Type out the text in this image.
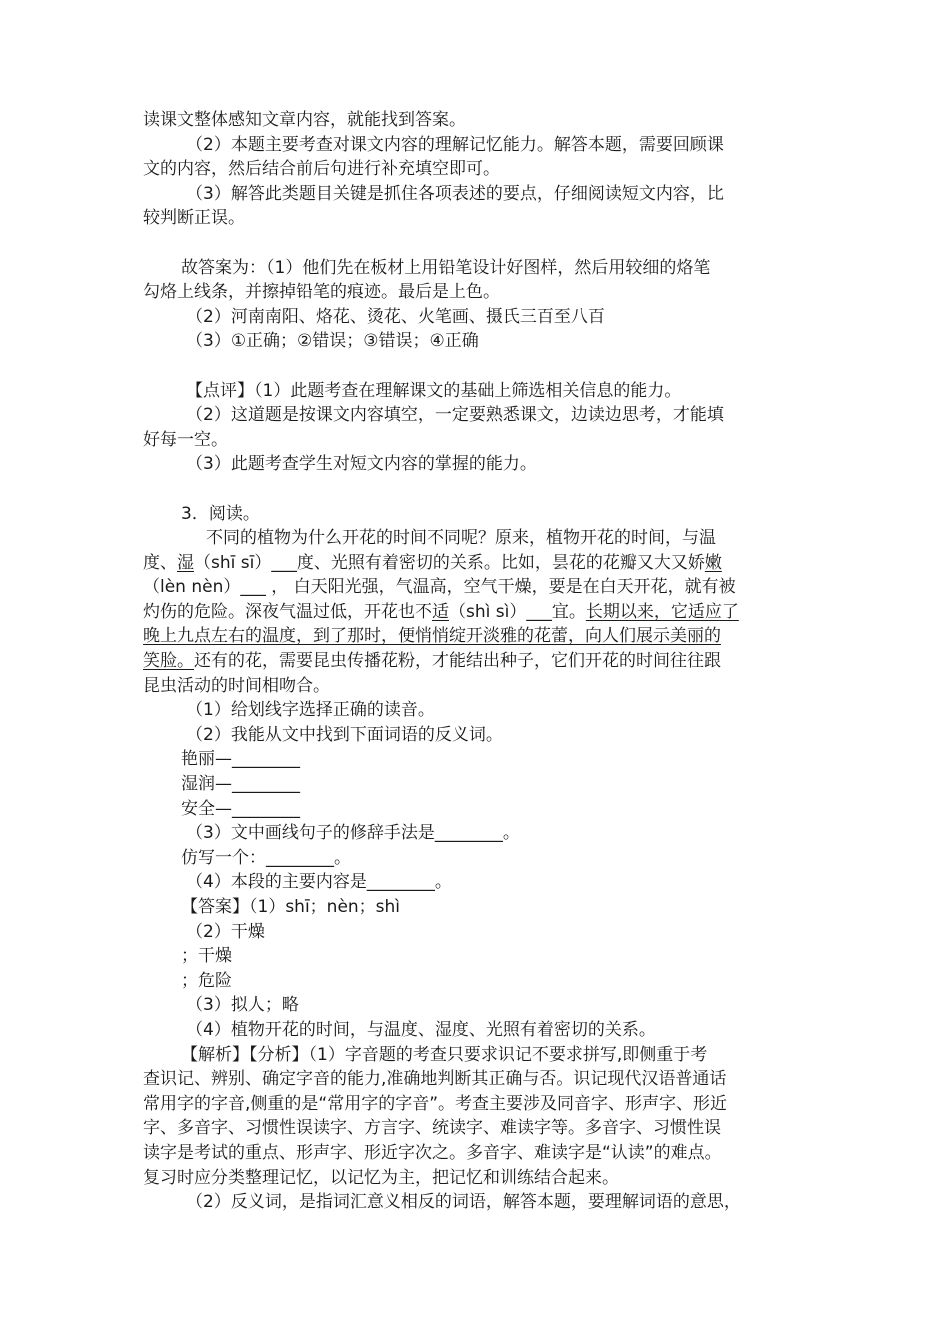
读课文整体感知文章内容，就能找到答案。
（2）本题主要考查对课文内容的理解记忆能力。解答本题，需要回顾课
文的内容，然后结合前后句进行补充填空即可。
（3）解答此类题目关键是抓住各项表述的要点，仔细阅读短文内容，比
较判断正误。
故答案为：（1）他们先在板材上用铅笔设计好图样，然后用较细的烙笔
勾烙上线条，并擦掉铅笔的痕迹。最后是上色。
（2）河南南阳、烙花、烫花、火笔画、摄氏三百至八百
（3）①正确；②错误；③错误；④正确
【点评】（1）此题考查在理解课文的基础上筛选相关信息的能力。
（2）这道题是按课文内容填空，一定要熟悉课文，边读边思考，才能填
好每一空。
（3）此题考查学生对短文内容的掌握的能力。
3．阅读。
不同的植物为什么开花的时间不同呢？原来，植物开花的时间，与温
度、湿（shī sī）___度、光照有着密切的关系。比如，昙花的花瓣又大又娇嫩
（lèn nèn）___ ， 白天阳光强，气温高，空气干燥，要是在白天开花，就有被
灼伤的危险。深夜气温过低，开花也不适（shì sì）___宜。长期以来，它适应了
晚上九点左右的温度，到了那时，便悄悄绽开淡雅的花蕾，向人们展示美丽的
笑脸。还有的花，需要昆虫传播花粉，才能结出种子，它们开花的时间往往跟
昆虫活动的时间相吻合。
（1）给划线字选择正确的读音。
（2）我能从文中找到下面词语的反义词。
艳丽—________
湿润—________
安全—________
（3）文中画线句子的修辞手法是________。
仿写一个：________。
（4）本段的主要内容是________。
【答案】（1）shī；nèn；shì
（2）干燥
；干燥
；危险
（3）拟人；略
（4）植物开花的时间，与温度、湿度、光照有着密切的关系。
【解析】【分析】（1）字音题的考查只要求识记不要求拼写,即侧重于考
查识记、辨别、确定字音的能力,准确地判断其正确与否。识记现代汉语普通话
常用字的字音,侧重的是“常用字的字音”。考查主要涉及同音字、形声字、形近
字、多音字、习惯性误读字、方言字、统读字、难读字等。多音字、习惯性误
读字是考试的重点、形声字、形近字次之。多音字、难读字是“认读”的难点。
复习时应分类整理记忆，以记忆为主，把记忆和训练结合起来。
（2）反义词，是指词汇意义相反的词语，解答本题，要理解词语的意思，
